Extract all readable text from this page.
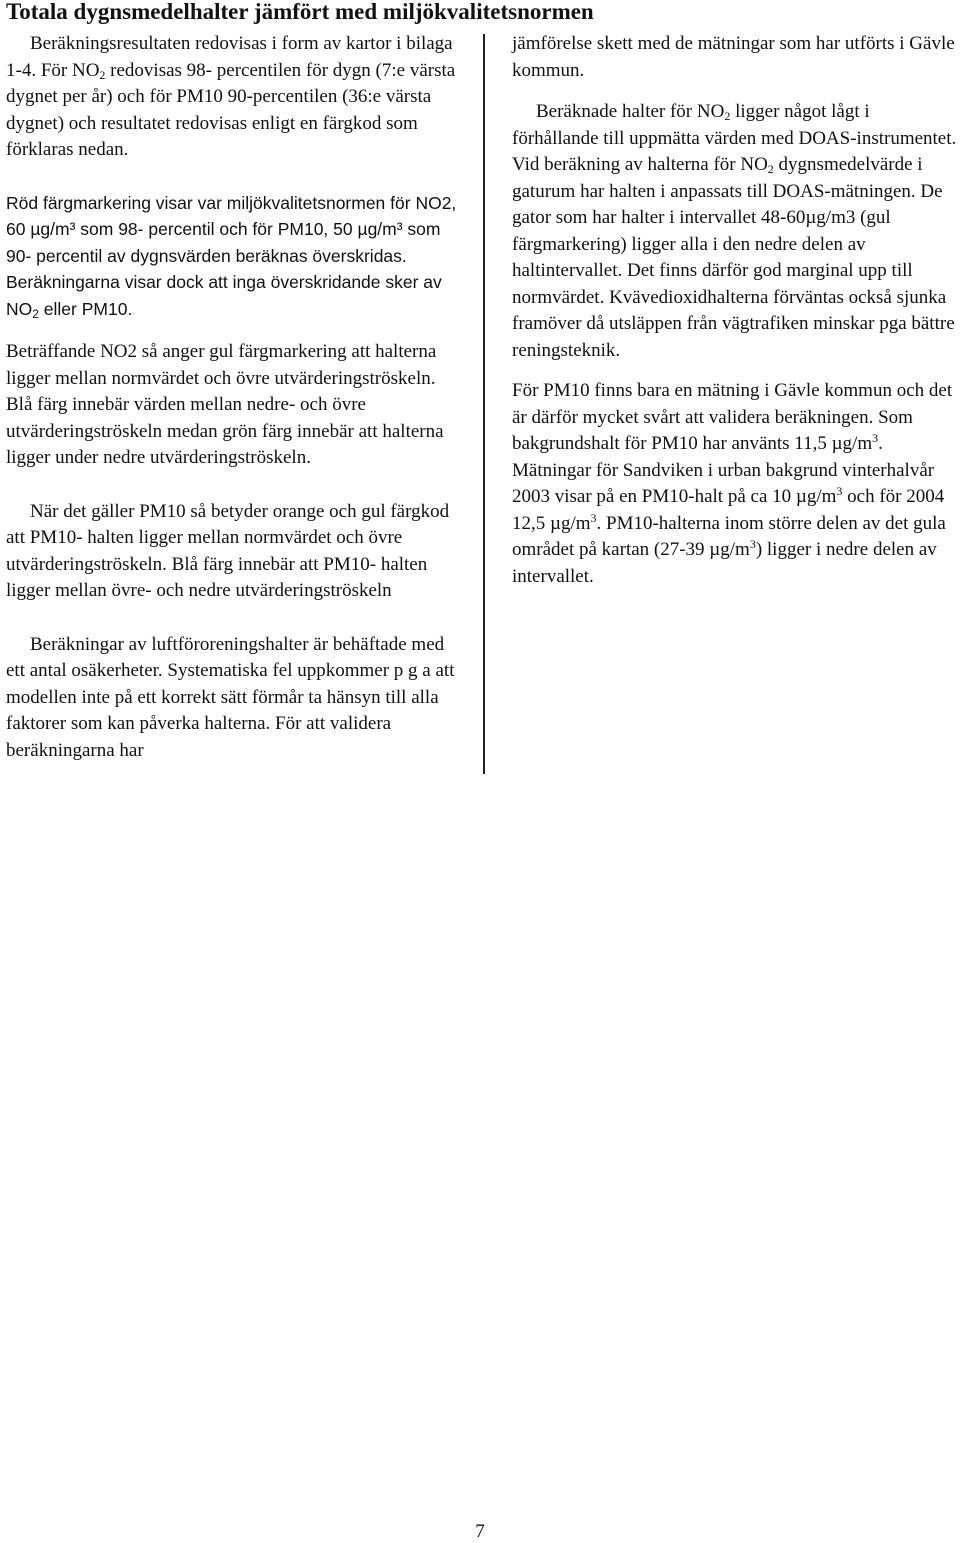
Totala dygnsmedelhalter jämfört med miljökvalitetsnormen

Beräkningsresultaten redovisas i form av kartor i bilaga 1-4. För $NO_2$ redovisas 98- percentilen för dygn (7:e värsta dygnet per år) och för PM10 90-percentilen (36:e värsta dygnet) och resultatet redovisas enligt en färgkod som förklaras nedan.

Röd färgmarkering visar var miljökvalitetsnormen för NO2, 60 µg/m³ som 98- percentil och för PM10, 50 µg/m³ som 90- percentil av dygnsvärden beräknas överskridas. Beräkningarna visar dock att inga överskridande sker av $NO_2$ eller PM10.

Beträffande NO2 så anger gul färgmarkering att halterna ligger mellan normvärdet och övre utvärderingströskeln. Blå färg innebär värden mellan nedre- och övre utvärderingströskeln medan grön färg innebär att halterna ligger under nedre utvärderingströskeln.

När det gäller PM10 så betyder orange och gul färgkod att PM10- halten ligger mellan normvärdet och övre utvärderingströskeln. Blå färg innebär att PM10- halten ligger mellan övre- och nedre utvärderingströskeln

Beräkningar av luftföroreningshalter är behäftade med ett antal osäkerheter. Systematiska fel uppkommer p g a att modellen inte på ett korrekt sätt förmår ta hänsyn till alla faktorer som kan påverka halterna. För att validera beräkningarna har

jämförelse skett med de mätningar som har utförts i Gävle kommun.

Beräknade halter för $NO_2$ ligger något lågt i förhållande till uppmätta värden med DOAS-instrumentet. Vid beräkning av halterna för $NO_2$ dygnsmedelvärde i gaturum har halten i anpassats till DOAS-mätningen. De gator som har halter i intervallet 48-60µg/m3 (gul färgmarkering) ligger alla i den nedre delen av haltintervallet. Det finns därför god marginal upp till normvärdet. Kvävedioxidhalterna förväntas också sjunka framöver då utsläppen från vägtrafiken minskar pga bättre reningsteknik.

För PM10 finns bara en mätning i Gävle kommun och det är därför mycket svårt att validera beräkningen. Som bakgrundshalt för PM10 har använts 11,5 $\mu g/m^3$. Mätningar för Sandviken i urban bakgrund vinterhalvår 2003 visar på en PM10-halt på ca 10 $\mu g/m^3$ och för 2004 12,5 $\mu g/m^3$. PM10-halterna inom större delen av det gula området på kartan (27-39 $\mu g/m^3$) ligger i nedre delen av intervallet.

7
